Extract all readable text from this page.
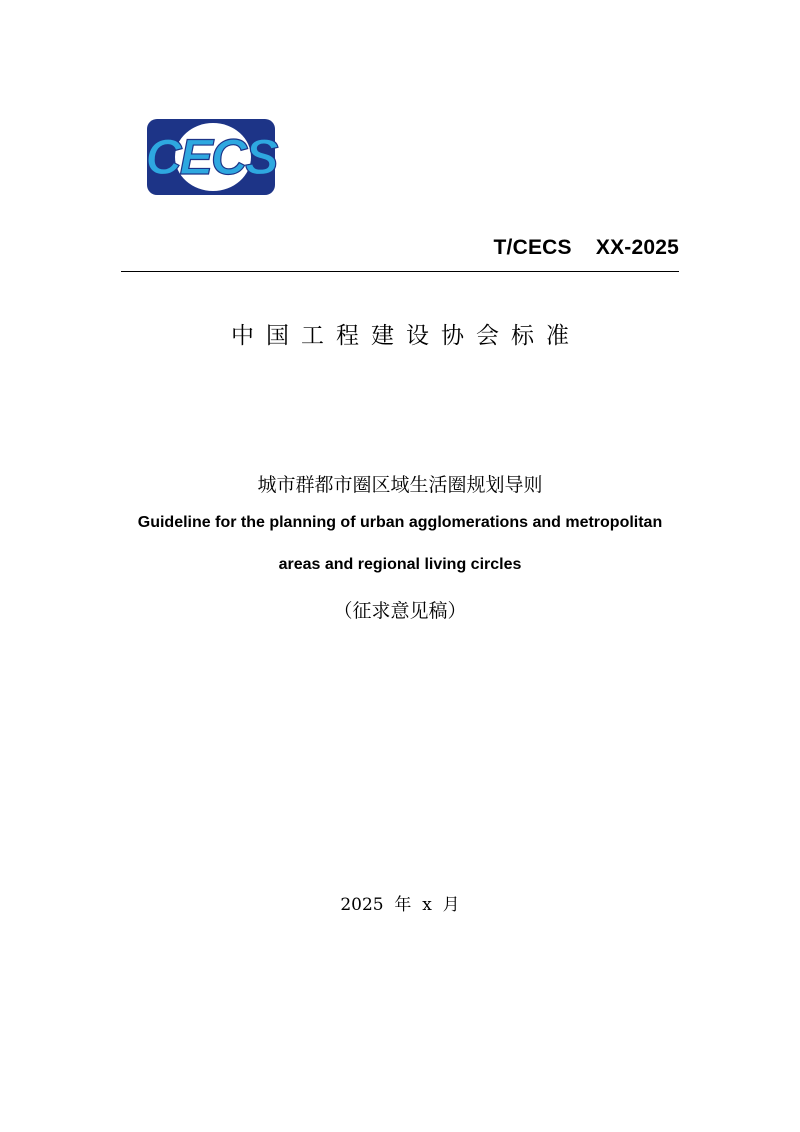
CECS
T/CECS    XX-2025
中国工程建设协会标准
城市群都市圈区域生活圈规划导则
Guideline for the planning of urban agglomerations and metropolitan
areas and regional living circles
（征求意见稿）
2025  年  x  月
